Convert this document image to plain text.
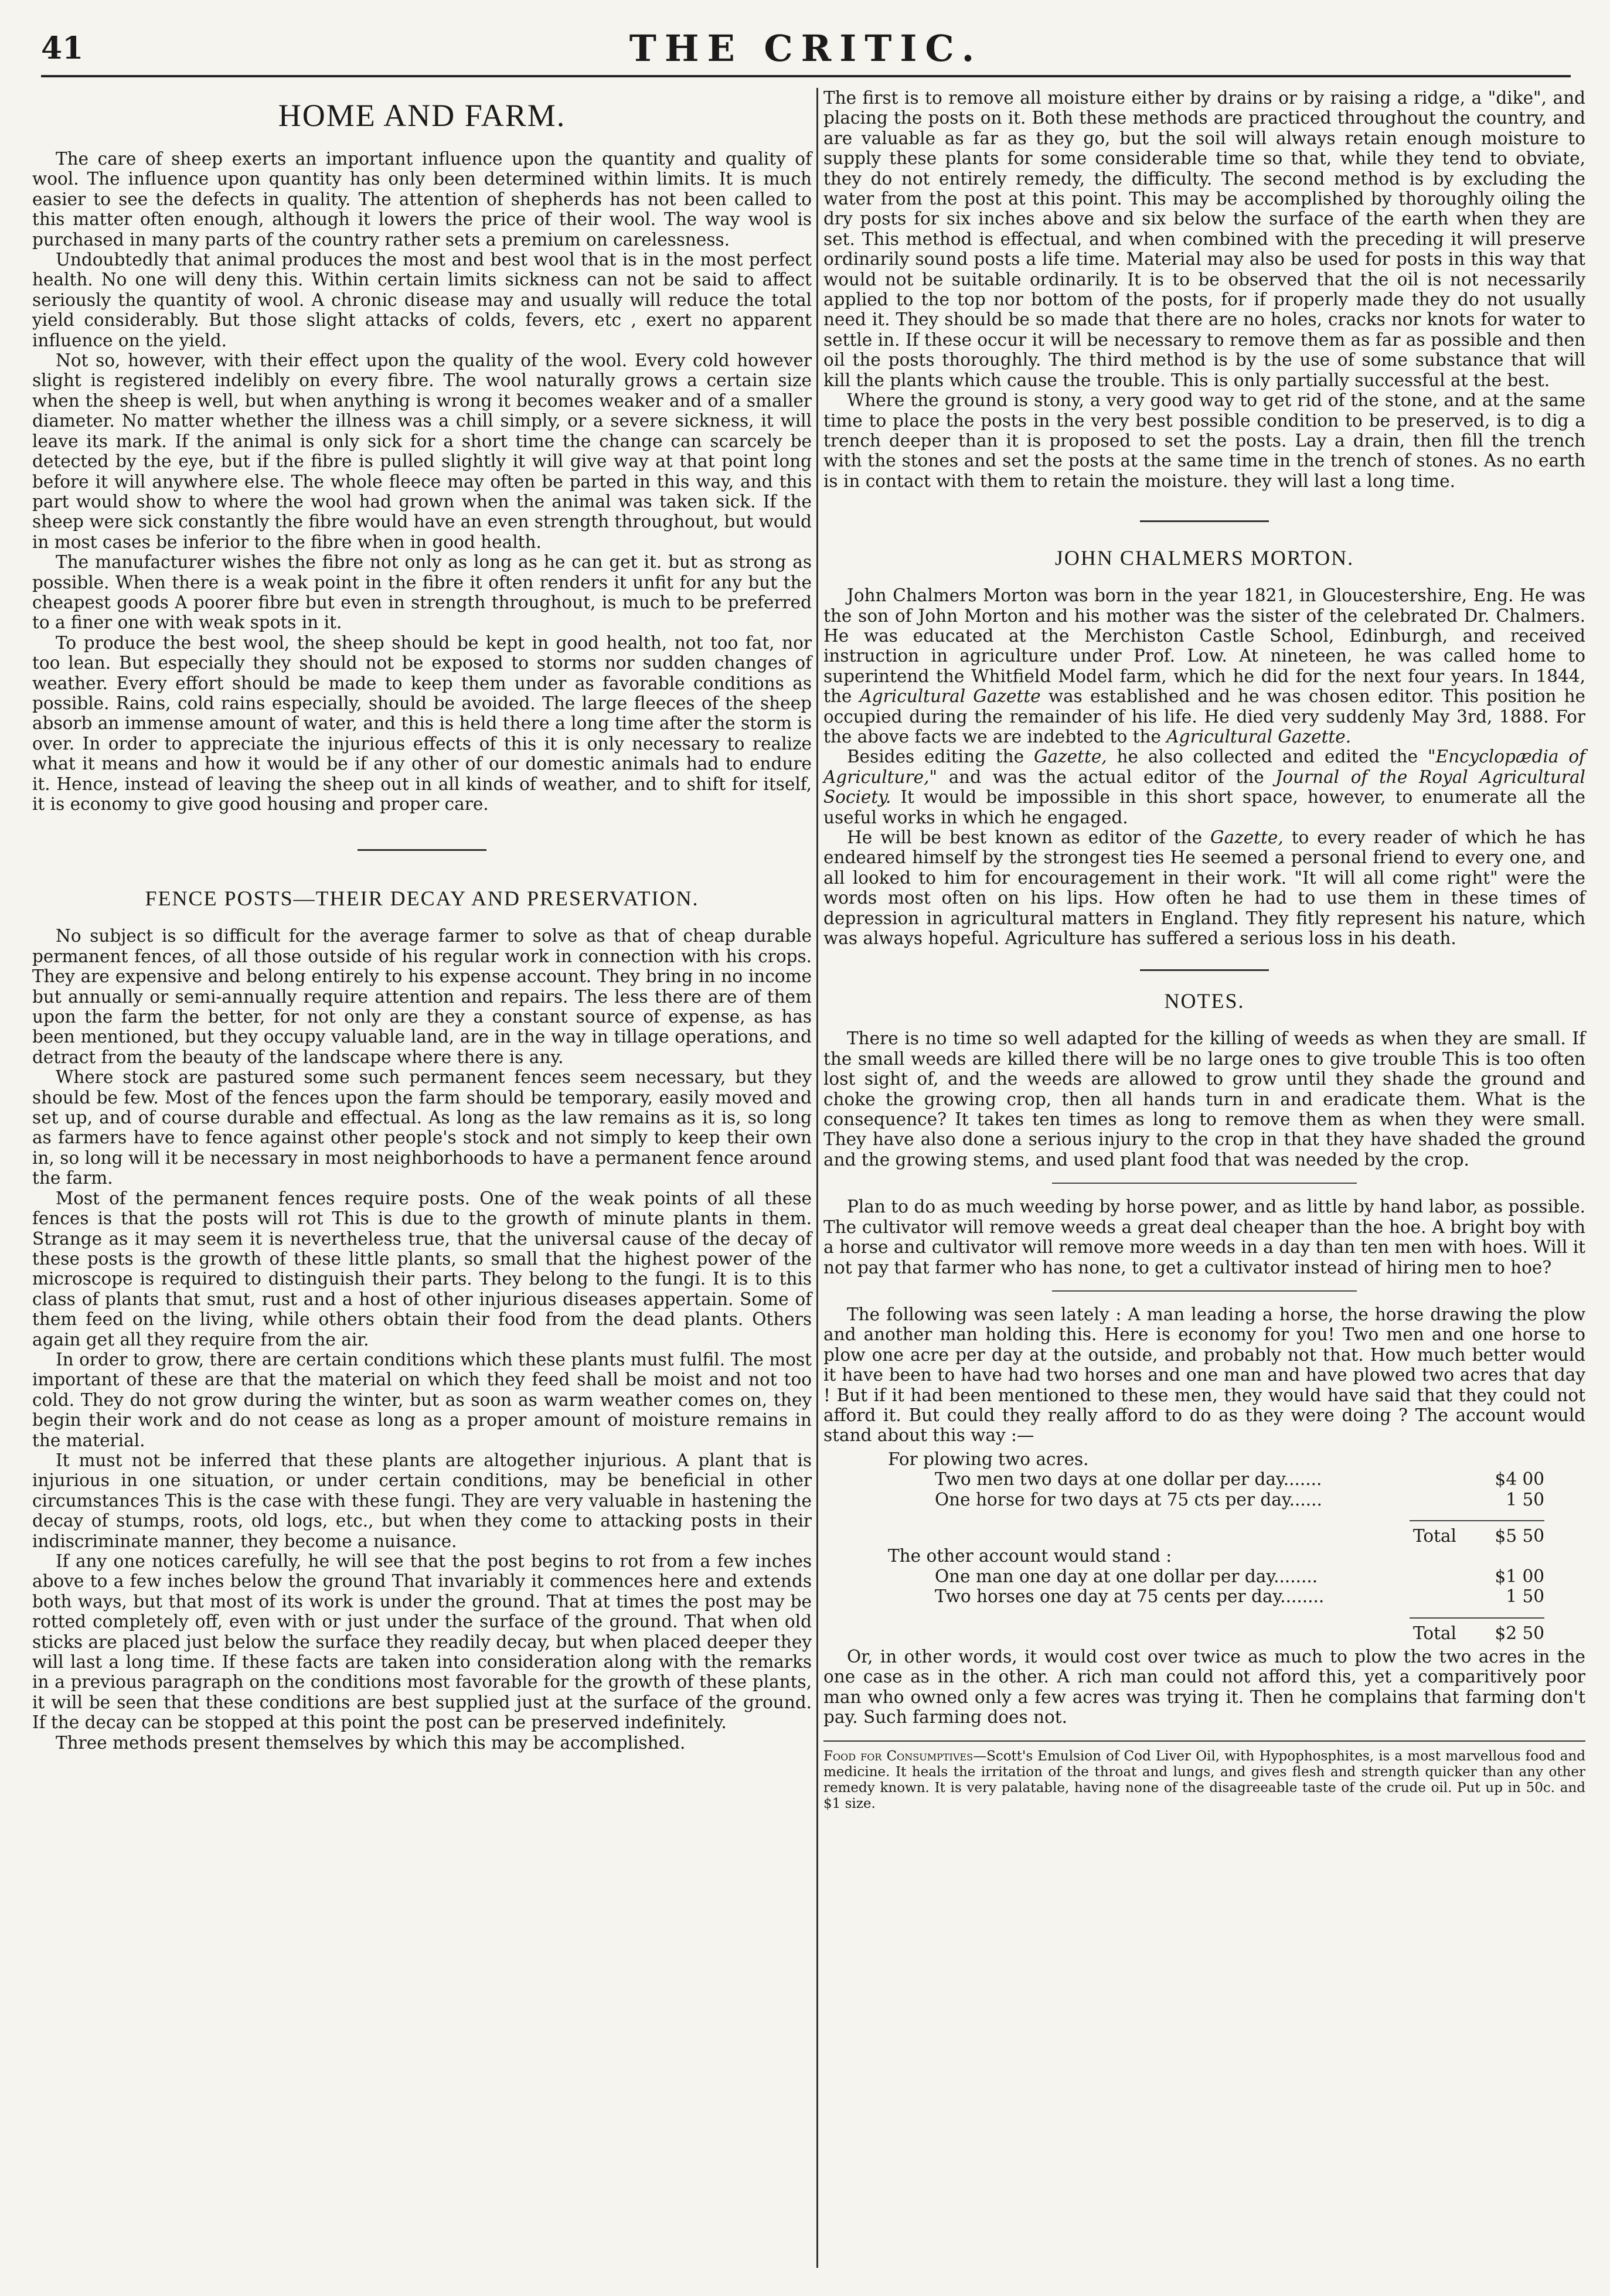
41	THE CRITIC.
HOME AND FARM.

The care of sheep exerts an important influence upon the quantity and quality of wool. The influence upon quantity has only been determined within limits. It is much easier to see the defects in quality. The attention of shepherds has not been called to this matter often enough, although it lowers the price of their wool. The way wool is purchased in many parts of the country rather sets a premium on carelessness.

Undoubtedly that animal produces the most and best wool that is in the most perfect health. No one will deny this. Within certain limits sickness can not be said to affect seriously the quantity of wool. A chronic disease may and usually will reduce the total yield considerably. But those slight attacks of colds, fevers, etc , exert no apparent influence on the yield.

Not so, however, with their effect upon the quality of the wool. Every cold however slight is registered indelibly on every fibre. The wool naturally grows a certain size when the sheep is well, but when anything is wrong it becomes weaker and of a smaller diameter. No matter whether the illness was a chill simply, or a severe sickness, it will leave its mark. If the animal is only sick for a short time the change can scarcely be detected by the eye, but if the fibre is pulled slightly it will give way at that point long before it will anywhere else. The whole fleece may often be parted in this way, and this part would show to where the wool had grown when the animal was taken sick. If the sheep were sick constantly the fibre would have an even strength throughout, but would in most cases be inferior to the fibre when in good health.

The manufacturer wishes the fibre not only as long as he can get it. but as strong as possible. When there is a weak point in the fibre it often renders it unfit for any but the cheapest goods A poorer fibre but even in strength throughout, is much to be preferred to a finer one with weak spots in it.

To produce the best wool, the sheep should be kept in good health, not too fat, nor too lean. But especially they should not be exposed to storms nor sudden changes of weather. Every effort should be made to keep them under as favorable conditions as possible. Rains, cold rains especially, should be avoided. The large fleeces of the sheep absorb an immense amount of water, and this is held there a long time after the storm is over. In order to appreciate the injurious effects of this it is only necessary to realize what it means and how it would be if any other of our domestic animals had to endure it. Hence, instead of leaving the sheep out in all kinds of weather, and to shift for itself, it is economy to give good housing and proper care.

FENCE POSTS—THEIR DECAY AND PRESERVATION.

No subject is so difficult for the average farmer to solve as that of cheap durable permanent fences, of all those outside of his regular work in connection with his crops. They are expensive and belong entirely to his expense account. They bring in no income but annually or semi-annually require attention and repairs. The less there are of them upon the farm the better, for not only are they a constant source of expense, as has been mentioned, but they occupy valuable land, are in the way in tillage operations, and detract from the beauty of the landscape where there is any.

Where stock are pastured some such permanent fences seem necessary, but they should be few. Most of the fences upon the farm should be temporary, easily moved and set up, and of course durable and effectual. As long as the law remains as it is, so long as farmers have to fence against other people's stock and not simply to keep their own in, so long will it be necessary in most neighborhoods to have a permanent fence around the farm.

Most of the permanent fences require posts. One of the weak points of all these fences is that the posts will rot This is due to the growth of minute plants in them. Strange as it may seem it is nevertheless true, that the universal cause of the decay of these posts is the growth of these little plants, so small that the highest power of the microscope is required to distinguish their parts. They belong to the fungi. It is to this class of plants that smut, rust and a host of other injurious diseases appertain. Some of them feed on the living, while others obtain their food from the dead plants. Others again get all they require from the air.

In order to grow, there are certain conditions which these plants must fulfil. The most important of these are that the material on which they feed shall be moist and not too cold. They do not grow during the winter, but as soon as warm weather comes on, they begin their work and do not cease as long as a proper amount of moisture remains in the material.

It must not be inferred that these plants are altogether injurious. A plant that is injurious in one situation, or under certain conditions, may be beneficial in other circumstances This is the case with these fungi. They are very valuable in hastening the decay of stumps, roots, old logs, etc., but when they come to attacking posts in their indiscriminate manner, they become a nuisance.

If any one notices carefully, he will see that the post begins to rot from a few inches above to a few inches below the ground That invariably it commences here and extends both ways, but that most of its work is under the ground. That at times the post may be rotted completely off, even with or just under the surface of the ground. That when old sticks are placed just below the surface they readily decay, but when placed deeper they will last a long time. If these facts are taken into consideration along with the remarks in a previous paragraph on the conditions most favorable for the growth of these plants, it will be seen that these conditions are best supplied just at the surface of the ground. If the decay can be stopped at this point the post can be preserved indefinitely.

Three methods present themselves by which this may be accomplished.

The first is to remove all moisture either by drains or by raising a ridge, a "dike", and placing the posts on it. Both these methods are practiced throughout the country, and are valuable as far as they go, but the soil will always retain enough moisture to supply these plants for some considerable time so that, while they tend to obviate, they do not entirely remedy, the difficulty. The second method is by excluding the water from the post at this point. This may be accomplished by thoroughly oiling the dry posts for six inches above and six below the surface of the earth when they are set. This method is effectual, and when combined with the preceding it will preserve ordinarily sound posts a life time. Material may also be used for posts in this way that would not be suitable ordinarily. It is to be observed that the oil is not necessarily applied to the top nor bottom of the posts, for if properly made they do not usually need it. They should be so made that there are no holes, cracks nor knots for water to settle in. If these occur it will be necessary to remove them as far as possible and then oil the posts thoroughly. The third method is by the use of some substance that will kill the plants which cause the trouble. This is only partially successful at the best.

Where the ground is stony, a very good way to get rid of the stone, and at the same time to place the posts in the very best possible condition to be preserved, is to dig a trench deeper than it is proposed to set the posts. Lay a drain, then fill the trench with the stones and set the posts at the same time in the trench of stones. As no earth is in contact with them to retain the moisture. they will last a long time.

JOHN CHALMERS MORTON.

John Chalmers Morton was born in the year 1821, in Gloucestershire, Eng. He was the son of John Morton and his mother was the sister of the celebrated Dr. Chalmers. He was educated at the Merchiston Castle School, Edinburgh, and received instruction in agriculture under Prof. Low. At nineteen, he was called home to superintend the Whitfield Model farm, which he did for the next four years. In 1844, the Agricultural Gazette was established and he was chosen editor. This position he occupied during the remainder of his life. He died very suddenly May 3rd, 1888. For the above facts we are indebted to the Agricultural Gazette.

Besides editing the Gazette, he also collected and edited the "Encyclopædia of Agriculture," and was the actual editor of the Journal of the Royal Agricultural Society. It would be impossible in this short space, however, to enumerate all the useful works in which he engaged.

He will be best known as editor of the Gazette, to every reader of which he has endeared himself by the strongest ties He seemed a personal friend to every one, and all looked to him for encouragement in their work. "It will all come right" were the words most often on his lips. How often he had to use them in these times of depression in agricultural matters in England. They fitly represent his nature, which was always hopeful. Agriculture has suffered a serious loss in his death.

NOTES.

There is no time so well adapted for the killing of weeds as when they are small. If the small weeds are killed there will be no large ones to give trouble This is too often lost sight of, and the weeds are allowed to grow until they shade the ground and choke the growing crop, then all hands turn in and eradicate them. What is the consequence? It takes ten times as long to remove them as when they were small. They have also done a serious injury to the crop in that they have shaded the ground and the growing stems, and used plant food that was needed by the crop.

Plan to do as much weeding by horse power, and as little by hand labor, as possible. The cultivator will remove weeds a great deal cheaper than the hoe. A bright boy with a horse and cultivator will remove more weeds in a day than ten men with hoes. Will it not pay that farmer who has none, to get a cultivator instead of hiring men to hoe?

The following was seen lately : A man leading a horse, the horse drawing the plow and another man holding this. Here is economy for you! Two men and one horse to plow one acre per day at the outside, and probably not that. How much better would it have been to have had two horses and one man and have plowed two acres that day ! But if it had been mentioned to these men, they would have said that they could not afford it. But could they really afford to do as they were doing ? The account would stand about this way :—

For plowing two acres.
Two men two days at one dollar per day.......	$4 00
One horse for two days at 75 cts per day......	1 50
Total	$5 50
The other account would stand :
One man one day at one dollar per day........	$1 00
Two horses one day at 75 cents per day........	1 50
Total	$2 50

Or, in other words, it would cost over twice as much to plow the two acres in the one case as in the other. A rich man could not afford this, yet a comparitively poor man who owned only a few acres was trying it. Then he complains that farming don't pay. Such farming does not.

Food for Consumptives—Scott's Emulsion of Cod Liver Oil, with Hypophosphites, is a most marvellous food and medicine. It heals the irritation of the throat and lungs, and gives flesh and strength quicker than any other remedy known. It is very palatable, having none of the disagreeable taste of the crude oil. Put up in 50c. and $1 size.
